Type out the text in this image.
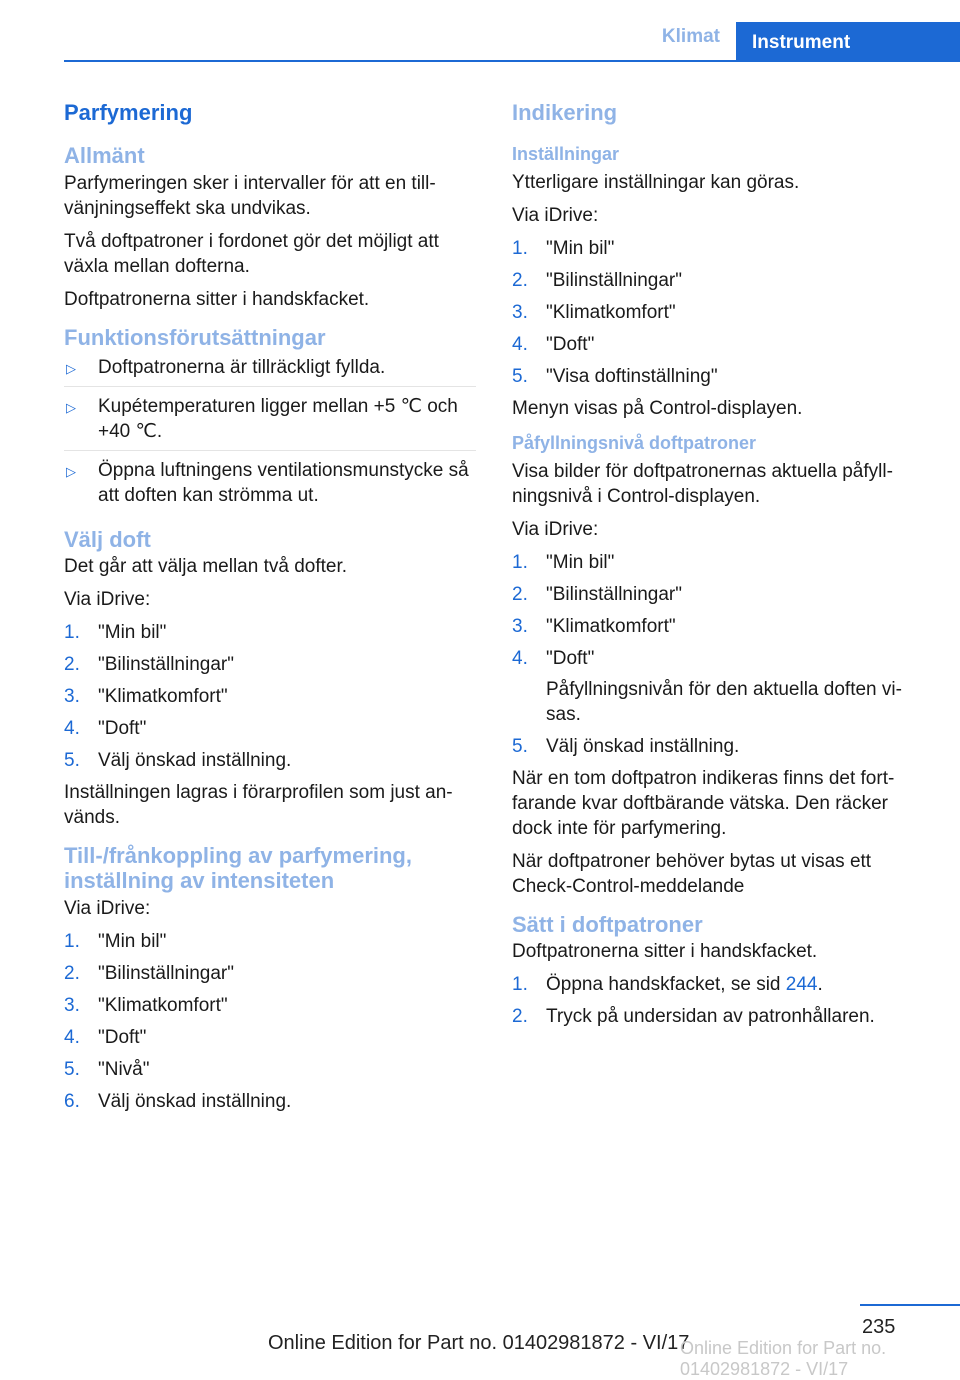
Klimat	Instrument
Parfymering
Allmänt

Parfymeringen sker i intervaller för att en till-vänjningseffekt ska undvikas.

Två doftpatroner i fordonet gör det möjligt att växla mellan dofterna.

Doftpatronerna sitter i handskfacket.

Funktionsförutsättningar
▷ Doftpatronerna är tillräckligt fyllda.
▷ Kupétemperaturen ligger mellan +5 ℃ och +40 ℃.
▷ Öppna luftningens ventilationsmunstycke så att doften kan strömma ut.
Välj doft

Det går att välja mellan två dofter.

Via iDrive:

1. "Min bil"
2. "Bilinställningar"
3. "Klimatkomfort"
4. "Doft"
5. Välj önskad inställning.

Inställningen lagras i förarprofilen som just an-vänds.

Till-/frånkoppling av parfymering, inställning av intensiteten

Via iDrive:

1. "Min bil"
2. "Bilinställningar"
3. "Klimatkomfort"
4. "Doft"
5. "Nivå"
6. Välj önskad inställning.
Indikering
Inställningar

Ytterligare inställningar kan göras.

Via iDrive:

1. "Min bil"
2. "Bilinställningar"
3. "Klimatkomfort"
4. "Doft"
5. "Visa doftinställning"

Menyn visas på Control-displayen.

Påfyllningsnivå doftpatroner

Visa bilder för doftpatronernas aktuella påfyll-ningsnivå i Control-displayen.

Via iDrive:

1. "Min bil"
2. "Bilinställningar"
3. "Klimatkomfort"
4. "Doft"
Påfyllningsnivån för den aktuella doften vi-sas.
5. Välj önskad inställning.

När en tom doftpatron indikeras finns det fort-farande kvar doftbärande vätska. Den räcker dock inte för parfymering.

När doftpatroner behöver bytas ut visas ett Check-Control-meddelande

Sätt i doftpatroner

Doftpatronerna sitter i handskfacket.

1. Öppna handskfacket, se sid 244.
2. Tryck på undersidan av patronhållaren.
235
Online Edition for Part no. 01402981872 - VI/17
Online Edition for Part no. 01402981872 - VI/17
